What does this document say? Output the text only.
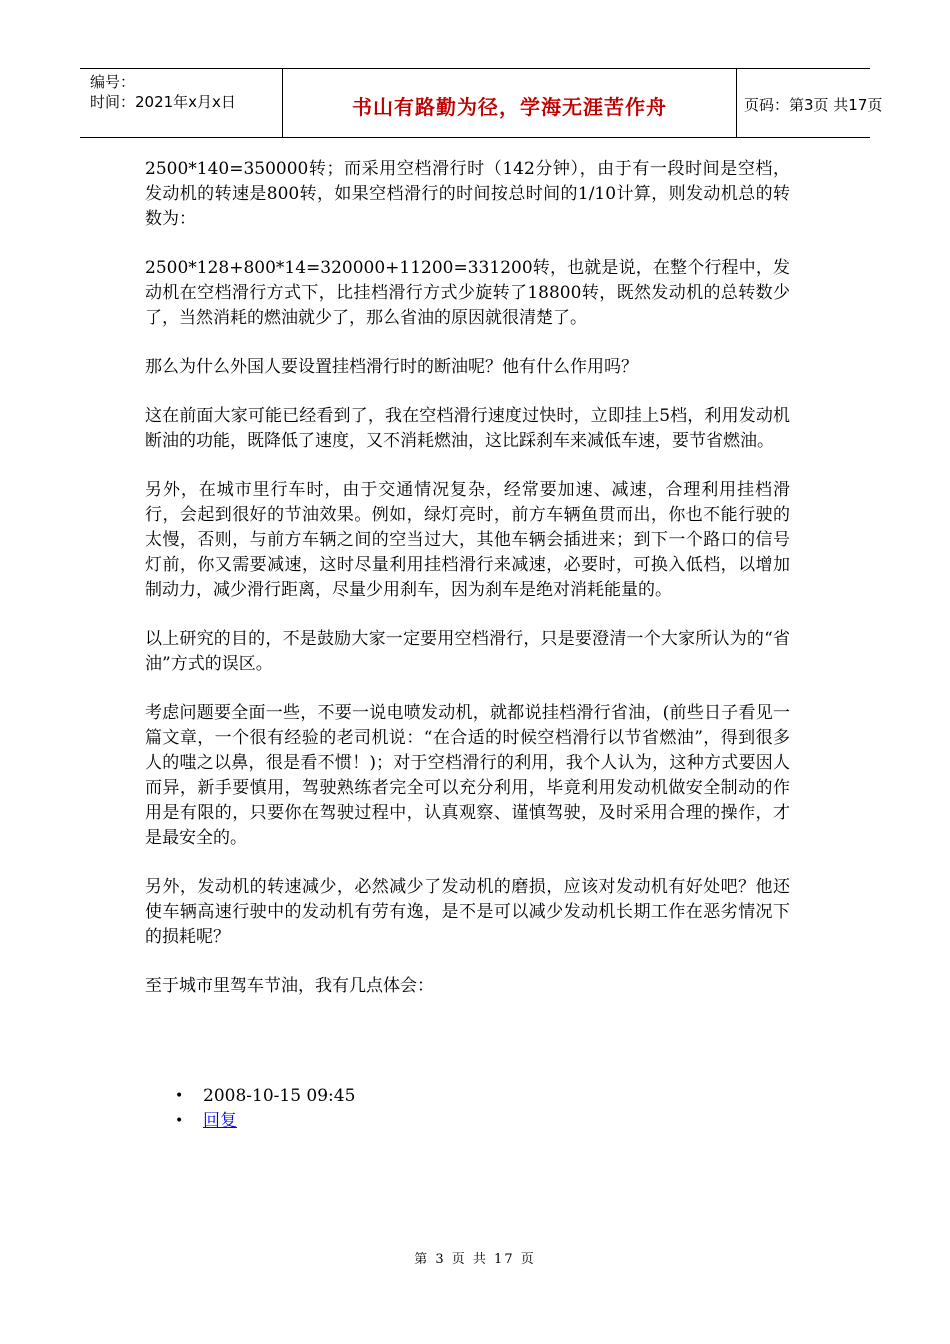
编号：
时间：2021年x月x日	书山有路勤为径，学海无涯苦作舟	页码：第3页 共17页

2500*140=350000转；而采用空档滑行时（142分钟），由于有一段时间是空档，发动机的转速是800转，如果空档滑行的时间按总时间的1/10计算，则发动机总的转数为：

2500*128+800*14=320000+11200=331200转，也就是说，在整个行程中，发动机在空档滑行方式下，比挂档滑行方式少旋转了18800转，既然发动机的总转数少了，当然消耗的燃油就少了，那么省油的原因就很清楚了。

那么为什么外国人要设置挂档滑行时的断油呢？他有什么作用吗？

这在前面大家可能已经看到了，我在空档滑行速度过快时，立即挂上5档，利用发动机断油的功能，既降低了速度，又不消耗燃油，这比踩刹车来减低车速，要节省燃油。

另外，在城市里行车时，由于交通情况复杂，经常要加速、减速，合理利用挂档滑行，会起到很好的节油效果。例如，绿灯亮时，前方车辆鱼贯而出，你也不能行驶的太慢，否则，与前方车辆之间的空当过大，其他车辆会插进来；到下一个路口的信号灯前，你又需要减速，这时尽量利用挂档滑行来减速，必要时，可换入低档，以增加制动力，减少滑行距离，尽量少用刹车，因为刹车是绝对消耗能量的。

以上研究的目的，不是鼓励大家一定要用空档滑行，只是要澄清一个大家所认为的“省油”方式的误区。

考虑问题要全面一些，不要一说电喷发动机，就都说挂档滑行省油，(前些日子看见一篇文章，一个很有经验的老司机说：“在合适的时候空档滑行以节省燃油”，得到很多人的嗤之以鼻，很是看不惯！)；对于空档滑行的利用，我个人认为，这种方式要因人而异，新手要慎用，驾驶熟练者完全可以充分利用，毕竟利用发动机做安全制动的作用是有限的，只要你在驾驶过程中，认真观察、谨慎驾驶，及时采用合理的操作，才是最安全的。

另外，发动机的转速减少，必然减少了发动机的磨损，应该对发动机有好处吧？他还使车辆高速行驶中的发动机有劳有逸，是不是可以减少发动机长期工作在恶劣情况下的损耗呢？

至于城市里驾车节油，我有几点体会：

• 2008-10-15 09:45
• 回复
第 3 页 共 17 页
